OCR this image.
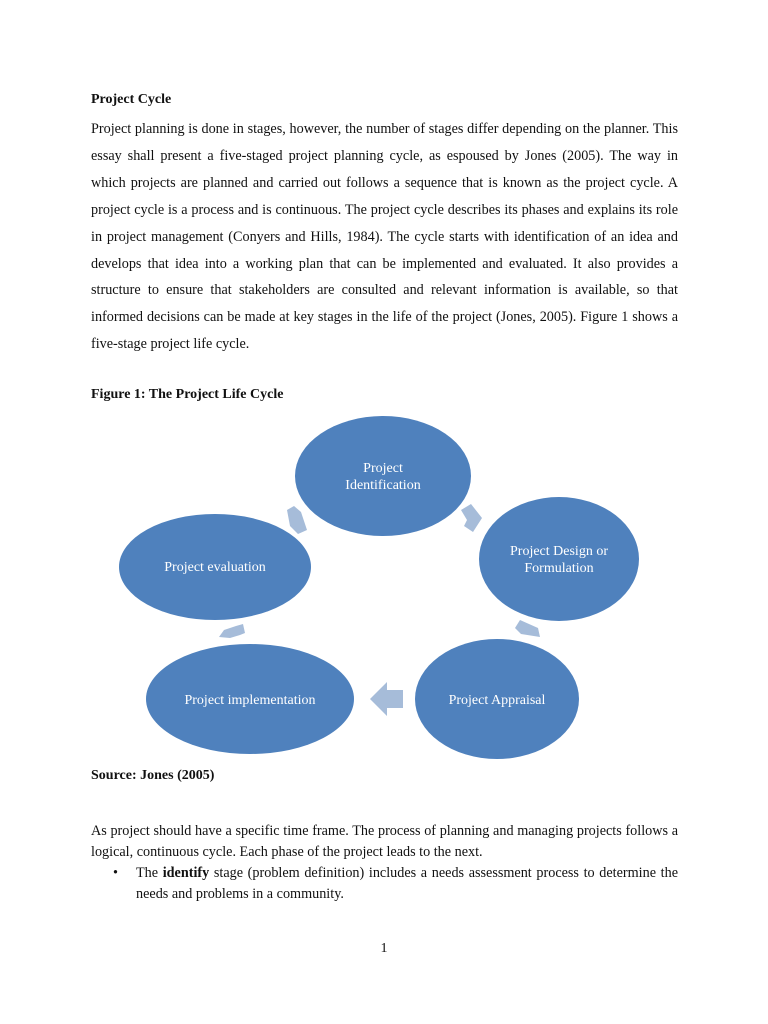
Project Cycle

Project planning is done in stages, however, the number of stages differ depending on the planner. This essay shall present a five-staged project planning cycle, as espoused by Jones (2005). The way in which projects are planned and carried out follows a sequence that is known as the project cycle. A project cycle is a process and is continuous. The project cycle describes its phases and explains its role in project management (Conyers and Hills, 1984). The cycle starts with identification of an idea and develops that idea into a working plan that can be implemented and evaluated. It also provides a structure to ensure that stakeholders are consulted and relevant information is available, so that informed decisions can be made at key stages in the life of the project (Jones, 2005). Figure 1 shows a five-stage project life cycle.

Figure 1: The Project Life Cycle

Project
Identification
Project Design or
Formulation
Project Appraisal
Project implementation
Project evaluation

Source: Jones (2005)

As project should have a specific time frame. The process of planning and managing projects follows a logical, continuous cycle. Each phase of the project leads to the next.

• The identify stage (problem definition) includes a needs assessment process to determine the needs and problems in a community.

1
